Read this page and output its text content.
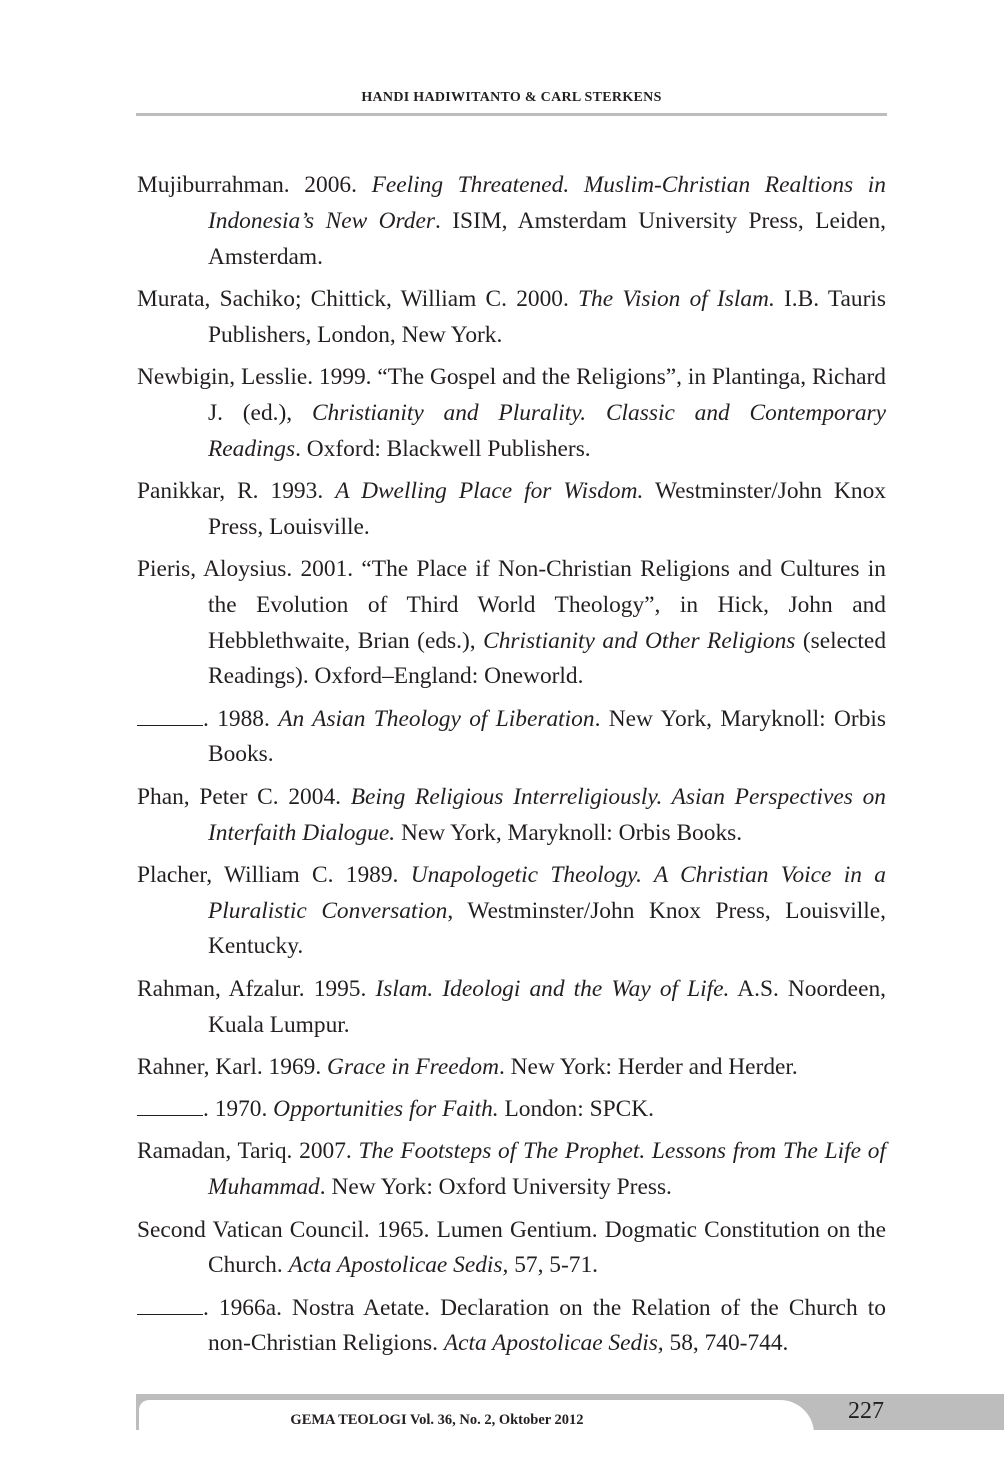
HANDI HADIWITANTO & CARL STERKENS

Mujiburrahman. 2006. Feeling Threatened. Muslim-Christian Realtions in Indonesia’s New Order. ISIM, Amsterdam University Press, Leiden, Amsterdam.

Murata, Sachiko; Chittick, William C. 2000. The Vision of Islam. I.B. Tauris Publishers, London, New York.

Newbigin, Lesslie. 1999. “The Gospel and the Religions”, in Plantinga, Richard J. (ed.), Christianity and Plurality. Classic and Contemporary Readings. Oxford: Blackwell Publishers.

Panikkar, R. 1993. A Dwelling Place for Wisdom. Westminster/John Knox Press, Louisville.

Pieris, Aloysius. 2001. “The Place if Non-Christian Religions and Cultures in the Evolution of Third World Theology”, in Hick, John and Hebblethwaite, Brian (eds.), Christianity and Other Religions (selected Readings). Oxford–England: Oneworld.

. 1988. An Asian Theology of Liberation. New York, Maryknoll: Orbis Books.

Phan, Peter C. 2004. Being Religious Interreligiously. Asian Perspectives on Interfaith Dialogue. New York, Maryknoll: Orbis Books.

Placher, William C. 1989. Unapologetic Theology. A Christian Voice in a Pluralistic Conversation, Westminster/John Knox Press, Louisville, Kentucky.

Rahman, Afzalur. 1995. Islam. Ideologi and the Way of Life. A.S. Noordeen, Kuala Lumpur.

Rahner, Karl. 1969. Grace in Freedom. New York: Herder and Herder.

. 1970. Opportunities for Faith. London: SPCK.

Ramadan, Tariq. 2007. The Footsteps of The Prophet. Lessons from The Life of Muhammad. New York: Oxford University Press.

Second Vatican Council. 1965. Lumen Gentium. Dogmatic Constitution on the Church. Acta Apostolicae Sedis, 57, 5-71.

. 1966a. Nostra Aetate. Declaration on the Relation of the Church to non-Christian Religions. Acta Apostolicae Sedis, 58, 740-744.

GEMA TEOLOGI Vol. 36, No. 2, Oktober 2012	227
